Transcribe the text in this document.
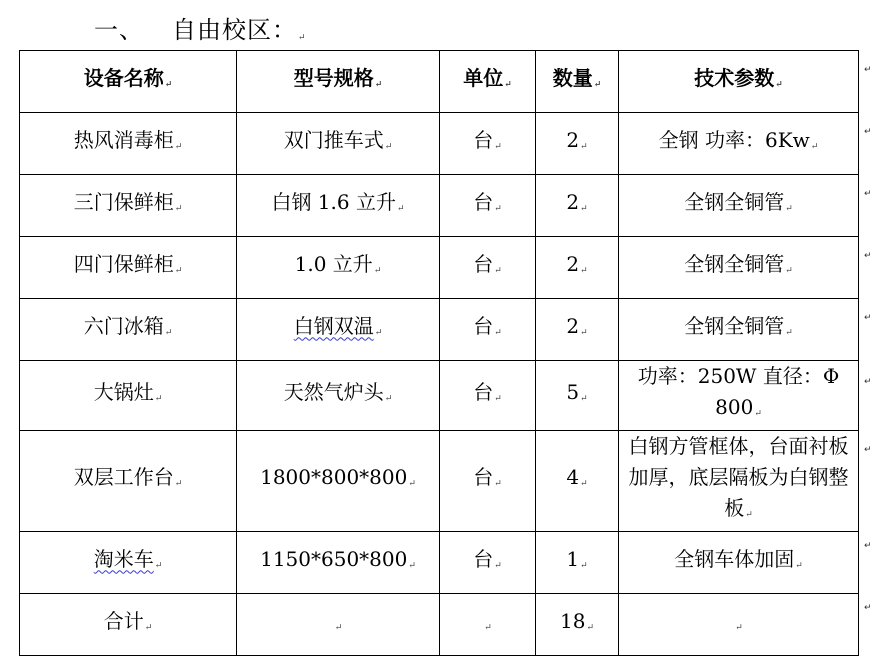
一、 自由校区： ↵
设备名称 ↵	型号规格 ↵	单位 ↵	数量 ↵	技术参数 ↵
热风消毒柜 ↵	双门推车式 ↵	台 ↵	2 ↵	全钢 功率：6Kw ↵
三门保鲜柜 ↵	白钢 1.6 立升 ↵	台 ↵	2 ↵	全钢全铜管 ↵
四门保鲜柜 ↵	1.0 立升 ↵	台 ↵	2 ↵	全钢全铜管 ↵
六门冰箱 ↵	白钢双温 ↵	台 ↵	2 ↵	全钢全铜管 ↵
大锅灶 ↵	天然气炉头 ↵	台 ↵	5 ↵	功率：250W 直径：Φ 800 ↵
双层工作台 ↵	1800*800*800 ↵	台 ↵	4 ↵	白钢方管框体，台面衬板加厚，底层隔板为白钢整板 ↵
淘米车 ↵	1150*650*800 ↵	台 ↵	1 ↵	全钢车体加固 ↵
合计 ↵	↵	↵	18 ↵	↵
↵
↵
↵
↵
↵
↵
↵
↵
↵
